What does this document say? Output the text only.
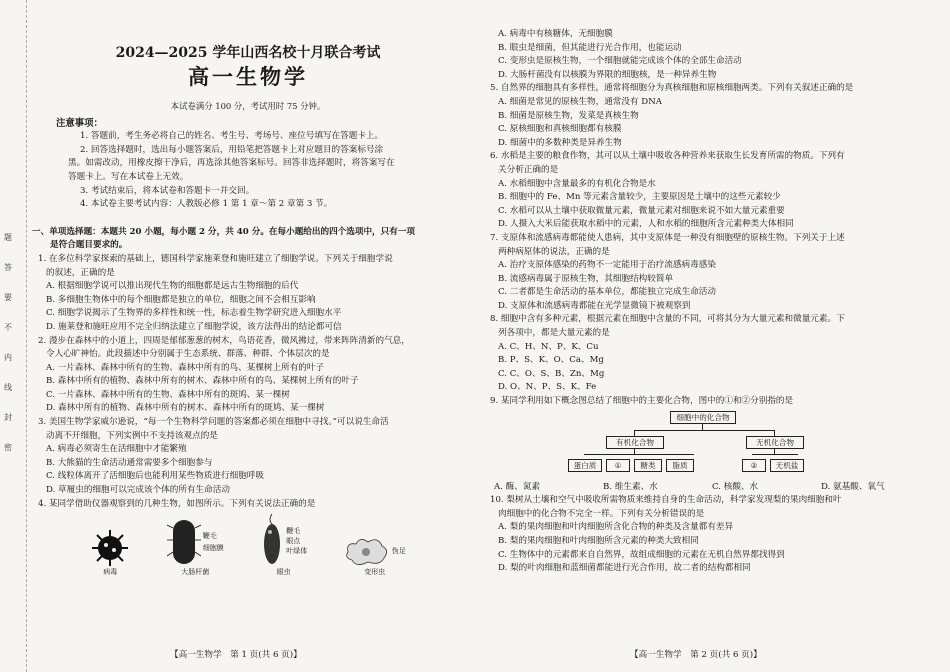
题
答
要
不
内
线
封
密
2024—2025 学年山西名校十月联合考试
高一生物学
本试卷满分 100 分，考试用时 75 分钟。
注意事项：

1. 答题前，考生务必将自己的姓名、考生号、考场号、座位号填写在答题卡上。

2. 回答选择题时，选出每小题答案后，用铅笔把答题卡上对应题目的答案标号涂

黑。如需改动，用橡皮擦干净后，再选涂其他答案标号。回答非选择题时，将答案写在

答题卡上。写在本试卷上无效。

3. 考试结束后，将本试卷和答题卡一并交回。

4. 本试卷主要考试内容：人教版必修 1 第 1 章～第 2 章第 3 节。

一、单项选择题：本题共 20 小题，每小题 2 分，共 40 分。在每小题给出的四个选项中，只有一项

是符合题目要求的。

1. 在多位科学家探索的基础上，德国科学家施莱登和施旺建立了细胞学说。下列关于细胞学说

的叙述，正确的是

A. 根据细胞学说可以推出现代生物的细胞都是远古生物细胞的后代

B. 多细胞生物体中的每个细胞都是独立的单位，细胞之间不会相互影响

C. 细胞学说揭示了生物界的多样性和统一性，标志着生物学研究进入细胞水平

D. 施莱登和施旺应用不完全归纳法建立了细胞学说，该方法得出的结论都可信

2. 漫步在森林中的小道上，四周是郁郁葱葱的树木，鸟语花香，微风拂过，带来阵阵清新的气息，

令人心旷神怡。此段描述中分别属于生态系统、群落、种群、个体层次的是

A. 一片森林、森林中所有的生物、森林中所有的鸟、某棵树上所有的叶子

B. 森林中所有的植物、森林中所有的树木、森林中所有的鸟、某棵树上所有的叶子

C. 一片森林、森林中所有的生物、森林中所有的斑鸠、某一棵树

D. 森林中所有的植物、森林中所有的树木、森林中所有的斑鸠、某一棵树

3. 美国生物学家威尔逊说，“每一个生物科学问题的答案都必须在细胞中寻找。”可以说生命活

动离不开细胞，下列实例中不支持该观点的是

A. 病毒必须寄生在活细胞中才能繁殖

B. 大熊猫的生命活动通常需要多个细胞参与

C. 线粒体离开了活细胞后也能利用某些物质进行细胞呼吸

D. 草履虫的细胞可以完成该个体的所有生命活动

4. 某同学借助仪器观察到的几种生物，如图所示。下列有关说法正确的是

病毒
鞭毛
细胞膜
大肠杆菌
鞭毛
眼点
叶绿体
眼虫
伪足
变形虫
【高一生物学　第 1 页(共 6 页)】

A. 病毒中有核糖体，无细胞膜

B. 眼虫是细菌，但其能进行光合作用，也能运动

C. 变形虫是原核生物，一个细胞就能完成该个体的全部生命活动

D. 大肠杆菌没有以核膜为界限的细胞核，是一种异养生物

5. 自然界的细胞具有多样性，通常将细胞分为真核细胞和原核细胞两类。下列有关叙述正确的是

A. 细菌是常见的原核生物，通常没有 DNA

B. 细菌是原核生物，发菜是真核生物

C. 原核细胞和真核细胞都有核膜

D. 细菌中的多数种类是异养生物

6. 水稻是主要的粮食作物，其可以从土壤中吸收各种营养来获取生长发育所需的物质。下列有

关分析正确的是

A. 水稻细胞中含量最多的有机化合物是水

B. 细胞中的 Fe、Mn 等元素含量较少，主要原因是土壤中的这些元素较少

C. 水稻可以从土壤中获取微量元素，微量元素对细胞来说不如大量元素重要

D. 人摄入大米后能获取水稻中的元素，人和水稻的细胞所含元素种类大体相同

7. 支原体和流感病毒都能使人患病，其中支原体是一种没有细胞壁的原核生物。下列关于上述

两种病原体的说法，正确的是

A. 治疗支原体感染的药物不一定能用于治疗流感病毒感染

B. 流感病毒属于原核生物，其细胞结构较简单

C. 二者都是生命活动的基本单位，都能独立完成生命活动

D. 支原体和流感病毒都能在光学显微镜下被观察到

8. 细胞中含有多种元素，根据元素在细胞中含量的不同，可将其分为大量元素和微量元素。下

列各项中，都是大量元素的是

A. C、H、N、P、K、Cu

B. P、S、K、O、Ca、Mg

C. C、O、S、B、Zn、Mg

D. O、N、P、S、K、Fe

9. 某同学利用如下概念图总结了细胞中的主要化合物，图中的①和②分别指的是

细胞中的化合物
有机化合物	无机化合物
蛋白质	①	糖类	脂质	②	无机盐
A. 酶、氮素	B. 维生素、水	C. 核酸、水	D. 氨基酸、氧气

10. 梨树从土壤和空气中吸收所需物质来维持自身的生命活动，科学家发现梨的果肉细胞和叶

肉细胞中的化合物不完全一样。下列有关分析错误的是

A. 梨的果肉细胞和叶肉细胞所含化合物的种类及含量都有差异

B. 梨的果肉细胞和叶肉细胞所含元素的种类大致相同

C. 生物体中的元素都来自自然界，故组成细胞的元素在无机自然界都找得到

D. 梨的叶肉细胞和蓝细菌都能进行光合作用，故二者的结构都相同

【高一生物学　第 2 页(共 6 页)】
